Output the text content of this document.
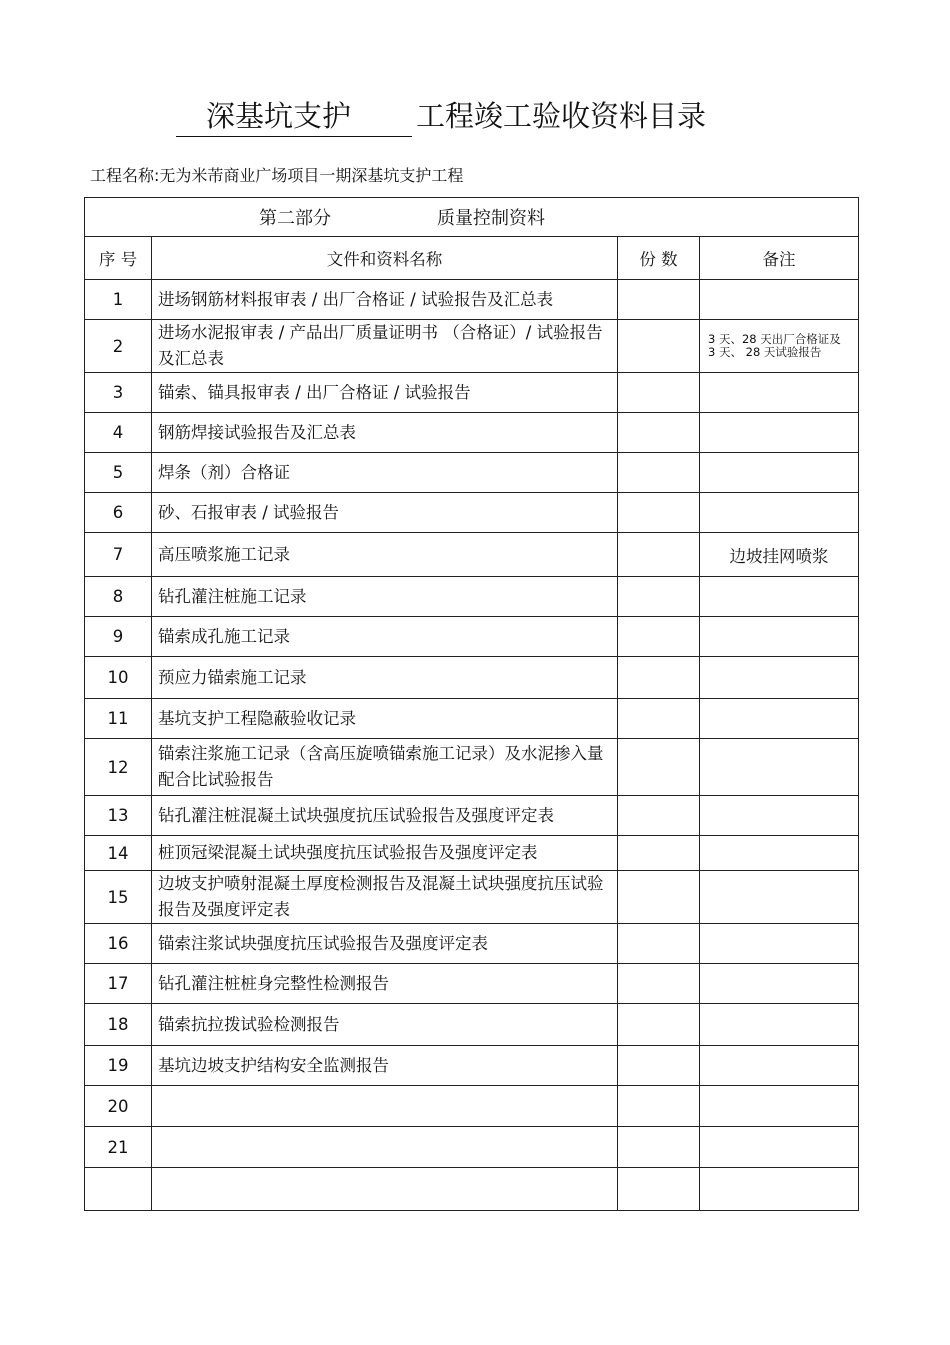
深基坑支护 工程竣工验收资料目录
工程名称:无为米芾商业广场项目一期深基坑支护工程
第二部分 质量控制资料			
序 号	文件和资料名称	份 数	备注
1	进场钢筋材料报审表 / 出厂合格证 / 试验报告及汇总表		
2	进场水泥报审表 / 产品出厂质量证明书 （合格证）/ 试验报告及汇总表		3 天、28 天出厂合格证及 3 天、 28 天试验报告
3	锚索、锚具报审表 / 出厂合格证 / 试验报告		
4	钢筋焊接试验报告及汇总表		
5	焊条（剂）合格证		
6	砂、石报审表 / 试验报告		
7	高压喷浆施工记录		边坡挂网喷浆
8	钻孔灌注桩施工记录		
9	锚索成孔施工记录		
10	预应力锚索施工记录		
11	基坑支护工程隐蔽验收记录		
12	锚索注浆施工记录（含高压旋喷锚索施工记录）及水泥掺入量配合比试验报告		
13	钻孔灌注桩混凝土试块强度抗压试验报告及强度评定表		
14	桩顶冠梁混凝土试块强度抗压试验报告及强度评定表		
15	边坡支护喷射混凝土厚度检测报告及混凝土试块强度抗压试验报告及强度评定表		
16	锚索注浆试块强度抗压试验报告及强度评定表		
17	钻孔灌注桩桩身完整性检测报告		
18	锚索抗拉拨试验检测报告		
19	基坑边坡支护结构安全监测报告		
20			
21			
